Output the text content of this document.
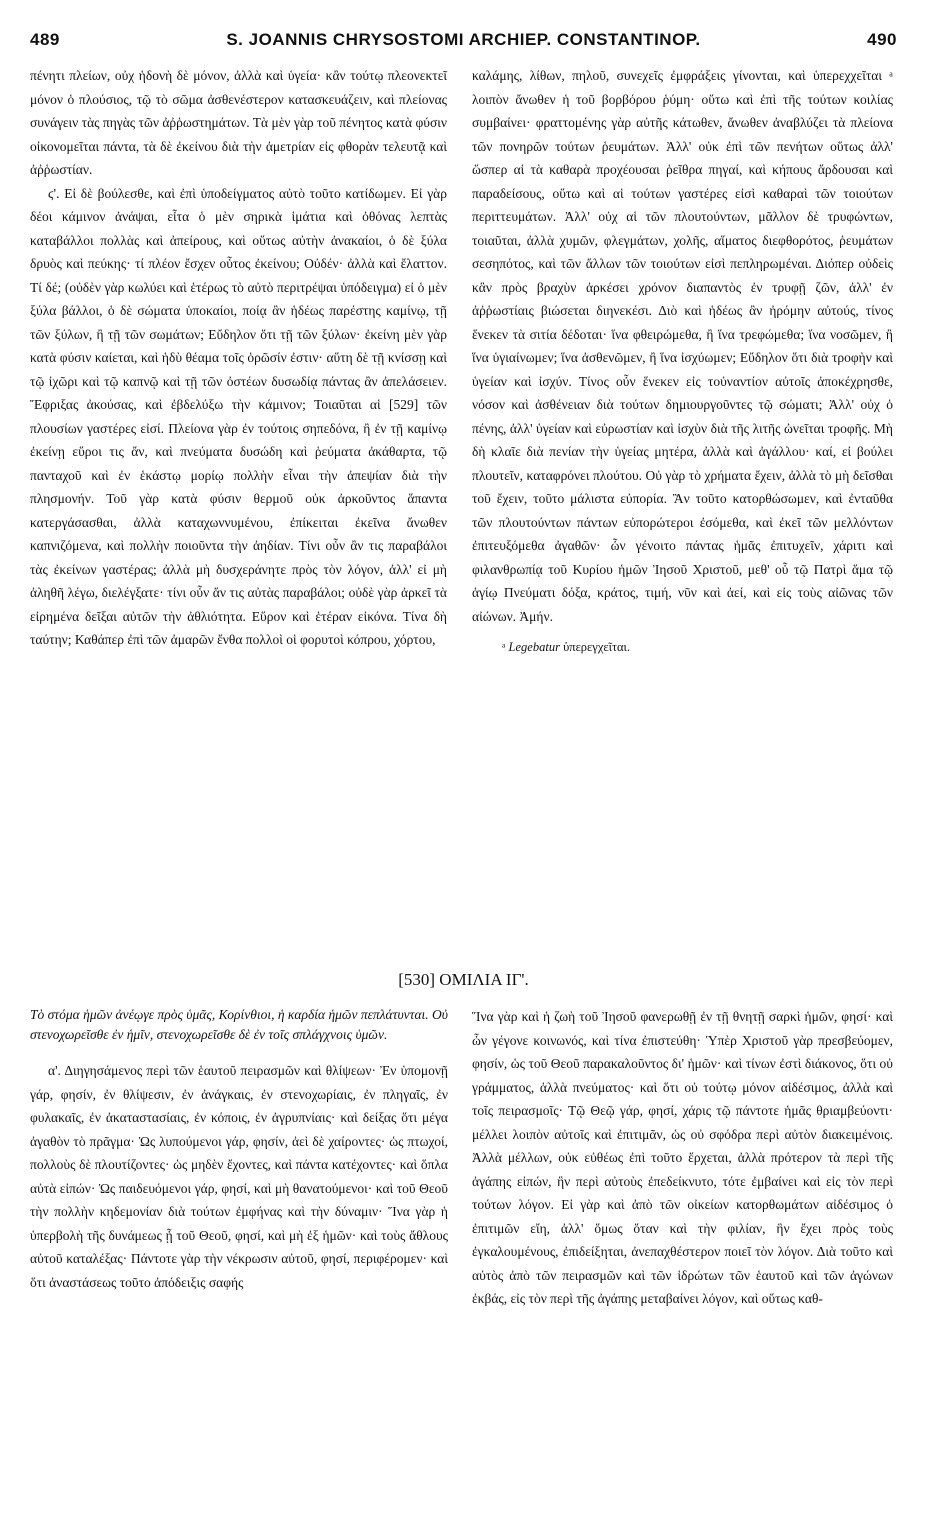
489	S. JOANNIS CHRYSOSTOMI ARCHIEP. CONSTANTINOP.	490

πένητι πλείων, οὐχ ἡδονὴ δὲ μόνον, ἀλλὰ καὶ ὑγεία· κἂν τούτῳ πλεονεκτεῖ μόνον ὁ πλούσιος, τῷ τὸ σῶμα ἀσθενέστερον κατασκευάζειν, καὶ πλείονας συνάγειν τὰς πηγὰς τῶν ἀῤῥωστημάτων. Τὰ μὲν γὰρ τοῦ πένητος κατὰ φύσιν οἰκονομεῖται πάντα, τὰ δὲ ἐκείνου διὰ τὴν ἀμετρίαν εἰς φθορὰν τελευτᾷ καὶ ἀῤῥωστίαν.

ϛ'. Εἰ δὲ βούλεσθε, καὶ ἐπὶ ὑποδείγματος αὐτὸ τοῦτο κατίδωμεν. Εἰ γὰρ δέοι κάμινον ἀνάψαι, εἶτα ὁ μὲν σηρικὰ ἱμάτια καὶ ὀθόνας λεπτὰς καταβάλλοι πολλὰς καὶ ἀπείρους, καὶ οὕτως αὐτὴν ἀνακαίοι, ὁ δὲ ξύλα δρυὸς καὶ πεύκης· τί πλέον ἔσχεν οὗτος ἐκείνου; Οὐδέν· ἀλλὰ καὶ ἔλαττον. Τί δέ; (οὐδὲν γὰρ κωλύει καὶ ἑτέρως τὸ αὐτὸ περιτρέψαι ὑπόδειγμα) εἰ ὁ μὲν ξύλα βάλλοι, ὁ δὲ σώματα ὑποκαίοι, ποίᾳ ἂν ἡδέως παρέστης καμίνῳ, τῇ τῶν ξύλων, ἢ τῇ τῶν σωμάτων; Εὔδηλον ὅτι τῇ τῶν ξύλων· ἐκείνη μὲν γὰρ κατὰ φύσιν καίεται, καὶ ἡδὺ θέαμα τοῖς ὁρῶσίν ἐστιν· αὕτη δὲ τῇ κνίσσῃ καὶ τῷ ἰχῶρι καὶ τῷ καπνῷ καὶ τῇ τῶν ὀστέων δυσωδίᾳ πάντας ἂν ἀπελάσειεν. Ἔφριξας ἀκούσας, καὶ ἐβδελύξω τὴν κάμινον; Τοιαῦται αἱ [529] τῶν πλουσίων γαστέρες εἰσί. Πλείονα γὰρ ἐν τούτοις σηπεδόνα, ἢ ἐν τῇ καμίνῳ ἐκείνῃ εὕροι τις ἄν, καὶ πνεύματα δυσώδη καὶ ῥεύματα ἀκάθαρτα, τῷ πανταχοῦ καὶ ἐν ἑκάστῳ μορίῳ πολλὴν εἶναι τὴν ἀπεψίαν διὰ τὴν πλησμονήν. Τοῦ γὰρ κατὰ φύσιν θερμοῦ οὐκ ἀρκοῦντος ἅπαντα κατεργάσασθαι, ἀλλὰ καταχωννυμένου, ἐπίκειται ἐκεῖνα ἄνωθεν καπνιζόμενα, καὶ πολλὴν ποιοῦντα τὴν ἀηδίαν. Τίνι οὖν ἂν τις παραβάλοι τὰς ἐκείνων γαστέρας; ἀλλὰ μὴ δυσχεράνητε πρὸς τὸν λόγον, ἀλλ' εἰ μὴ ἀληθῆ λέγω, διελέγξατε· τίνι οὖν ἄν τις αὐτὰς παραβάλοι; οὐδὲ γὰρ ἀρκεῖ τὰ εἰρημένα δεῖξαι αὐτῶν τὴν ἀθλιότητα. Εὕρον καὶ ἑτέραν εἰκόνα. Τίνα δὴ ταύτην; Καθάπερ ἐπὶ τῶν ἀμαρῶν ἔνθα πολλοὶ οἱ φορυτοὶ κόπρου, χόρτου,

καλάμης, λίθων, πηλοῦ, συνεχεῖς ἐμφράξεις γίνονται, καὶ ὑπερεχχεῖται ᵃ λοιπὸν ἄνωθεν ἡ τοῦ βορβόρου ῥύμη· οὕτω καὶ ἐπὶ τῆς τούτων κοιλίας συμβαίνει· φραττομένης γὰρ αὐτῆς κάτωθεν, ἄνωθεν ἀναβλύζει τὰ πλείονα τῶν πονηρῶν τούτων ῥευμάτων. Ἀλλ' οὐκ ἐπὶ τῶν πενήτων οὕτως ἀλλ' ὥσπερ αἱ τὰ καθαρὰ προχέουσαι ῥεῖθρα πηγαί, καὶ κήπους ἄρδουσαι καὶ παραδείσους, οὕτω καὶ αἱ τούτων γαστέρες εἰσὶ καθαραὶ τῶν τοιούτων περιττευμάτων. Ἀλλ' οὐχ αἱ τῶν πλουτούντων, μᾶλλον δὲ τρυφώντων, τοιαῦται, ἀλλὰ χυμῶν, φλεγμάτων, χολῆς, αἵματος διεφθορότος, ῥευμάτων σεσηπότος, καὶ τῶν ἄλλων τῶν τοιούτων εἰσὶ πεπληρωμέναι. Διόπερ οὐδεὶς κἂν πρὸς βραχὺν ἀρκέσει χρόνον διαπαντὸς ἐν τρυφῇ ζῶν, ἀλλ' ἐν ἀῤῥωστίαις βιώσεται διηνεκέσι. Διὸ καὶ ἡδέως ἂν ἠρόμην αὐτούς, τίνος ἕνεκεν τὰ σιτία δέδοται· ἵνα φθειρώμεθα, ἢ ἵνα τρεφώμεθα; ἵνα νοσῶμεν, ἢ ἵνα ὑγιαίνωμεν; ἵνα ἀσθενῶμεν, ἢ ἵνα ἰσχύωμεν; Εὔδηλον ὅτι διὰ τροφὴν καὶ ὑγείαν καὶ ἰσχύν. Τίνος οὖν ἕνεκεν εἰς τοὐναντίον αὐτοῖς ἀποκέχρησθε, νόσον καὶ ἀσθένειαν διὰ τούτων δημιουργοῦντες τῷ σώματι; Ἀλλ' οὐχ ὁ πένης, ἀλλ' ὑγείαν καὶ εὐρωστίαν καὶ ἰσχὺν διὰ τῆς λιτῆς ὠνεῖται τροφῆς. Μὴ δὴ κλαῖε διὰ πενίαν τὴν ὑγείας μητέρα, ἀλλὰ καὶ ἀγάλλου· καί, εἰ βούλει πλουτεῖν, καταφρόνει πλούτου. Οὐ γὰρ τὸ χρήματα ἔχειν, ἀλλὰ τὸ μὴ δεῖσθαι τοῦ ἔχειν, τοῦτο μάλιστα εὐπορία. Ἂν τοῦτο κατορθώσωμεν, καὶ ἐνταῦθα τῶν πλουτούντων πάντων εὐπορώτεροι ἐσόμεθα, καὶ ἐκεῖ τῶν μελλόντων ἐπιτευξόμεθα ἀγαθῶν· ὧν γένοιτο πάντας ἡμᾶς ἐπιτυχεῖν, χάριτι καὶ φιλανθρωπίᾳ τοῦ Κυρίου ἡμῶν Ἰησοῦ Χριστοῦ, μεθ' οὗ τῷ Πατρὶ ἅμα τῷ ἁγίῳ Πνεύματι δόξα, κράτος, τιμή, νῦν καὶ ἀεί, καὶ εἰς τοὺς αἰῶνας τῶν αἰώνων. Ἀμήν.

ᵃ Legebatur ὑπερεγχεῖται.

[530] ΟΜΙΛΙΑ ΙΓ'.

Τὸ στόμα ἡμῶν ἀνέῳγε πρὸς ὑμᾶς, Κορίνθιοι, ἡ καρδία ἡμῶν πεπλάτυνται. Οὐ στενοχωρεῖσθε ἐν ἡμῖν, στενοχωρεῖσθε δὲ ἐν τοῖς σπλάγχνοις ὑμῶν.

α'. Διηγησάμενος περὶ τῶν ἑαυτοῦ πειρασμῶν καὶ θλίψεων· Ἐν ὑπομονῇ γάρ, φησίν, ἐν θλίψεσιν, ἐν ἀνάγκαις, ἐν στενοχωρίαις, ἐν πληγαῖς, ἐν φυλακαῖς, ἐν ἀκαταστασίαις, ἐν κόποις, ἐν ἀγρυπνίαις· καὶ δείξας ὅτι μέγα ἀγαθὸν τὸ πρᾶγμα· Ὡς λυπούμενοι γάρ, φησίν, ἀεὶ δὲ χαίροντες· ὡς πτωχοί, πολλοὺς δὲ πλουτίζοντες· ὡς μηδὲν ἔχοντες, καὶ πάντα κατέχοντες· καὶ ὅπλα αὐτὰ εἰπών· Ὡς παιδευόμενοι γάρ, φησί, καὶ μὴ θανατούμενοι· καὶ τοῦ Θεοῦ τὴν πολλὴν κηδεμονίαν διὰ τούτων ἐμφήνας καὶ τὴν δύναμιν· Ἵνα γὰρ ἡ ὑπερβολὴ τῆς δυνάμεως ᾖ τοῦ Θεοῦ, φησί, καὶ μὴ ἐξ ἡμῶν· καὶ τοὺς ἄθλους αὐτοῦ καταλέξας· Πάντοτε γὰρ τὴν νέκρωσιν αὐτοῦ, φησί, περιφέρομεν· καὶ ὅτι ἀναστάσεως τοῦτο ἀπόδειξις σαφής

Ἵνα γὰρ καὶ ἡ ζωὴ τοῦ Ἰησοῦ φανερωθῇ ἐν τῇ θνητῇ σαρκὶ ἡμῶν, φησί· καὶ ὧν γέγονε κοινωνός, καὶ τίνα ἐπιστεύθη· Ὑπὲρ Χριστοῦ γὰρ πρεσβεύομεν, φησίν, ὡς τοῦ Θεοῦ παρακαλοῦντος δι' ἡμῶν· καὶ τίνων ἐστὶ διάκονος, ὅτι οὐ γράμματος, ἀλλὰ πνεύματος· καὶ ὅτι οὐ τούτῳ μόνον αἰδέσιμος, ἀλλὰ καὶ τοῖς πειρασμοῖς· Τῷ Θεῷ γάρ, φησί, χάρις τῷ πάντοτε ἡμᾶς θριαμβεύοντι· μέλλει λοιπὸν αὐτοῖς καὶ ἐπιτιμᾶν, ὡς οὐ σφόδρα περὶ αὐτὸν διακειμένοις. Ἀλλὰ μέλλων, οὐκ εὐθέως ἐπὶ τοῦτο ἔρχεται, ἀλλὰ πρότερον τὰ περὶ τῆς ἀγάπης εἰπών, ἣν περὶ αὐτοὺς ἐπεδείκνυτο, τότε ἐμβαίνει καὶ εἰς τὸν περὶ τούτων λόγον. Εἰ γὰρ καὶ ἀπὸ τῶν οἰκείων κατορθωμάτων αἰδέσιμος ὁ ἐπιτιμῶν εἴη, ἀλλ' ὅμως ὅταν καὶ τὴν φιλίαν, ἣν ἔχει πρὸς τοὺς ἐγκαλουμένους, ἐπιδείξηται, ἀνεπαχθέστερον ποιεῖ τὸν λόγον. Διὰ τοῦτο καὶ αὐτὸς ἀπὸ τῶν πειρασμῶν καὶ τῶν ἱδρώτων τῶν ἑαυτοῦ καὶ τῶν ἀγώνων ἐκβάς, εἰς τὸν περὶ τῆς ἀγάπης μεταβαίνει λόγον, καὶ οὕτως καθ-
